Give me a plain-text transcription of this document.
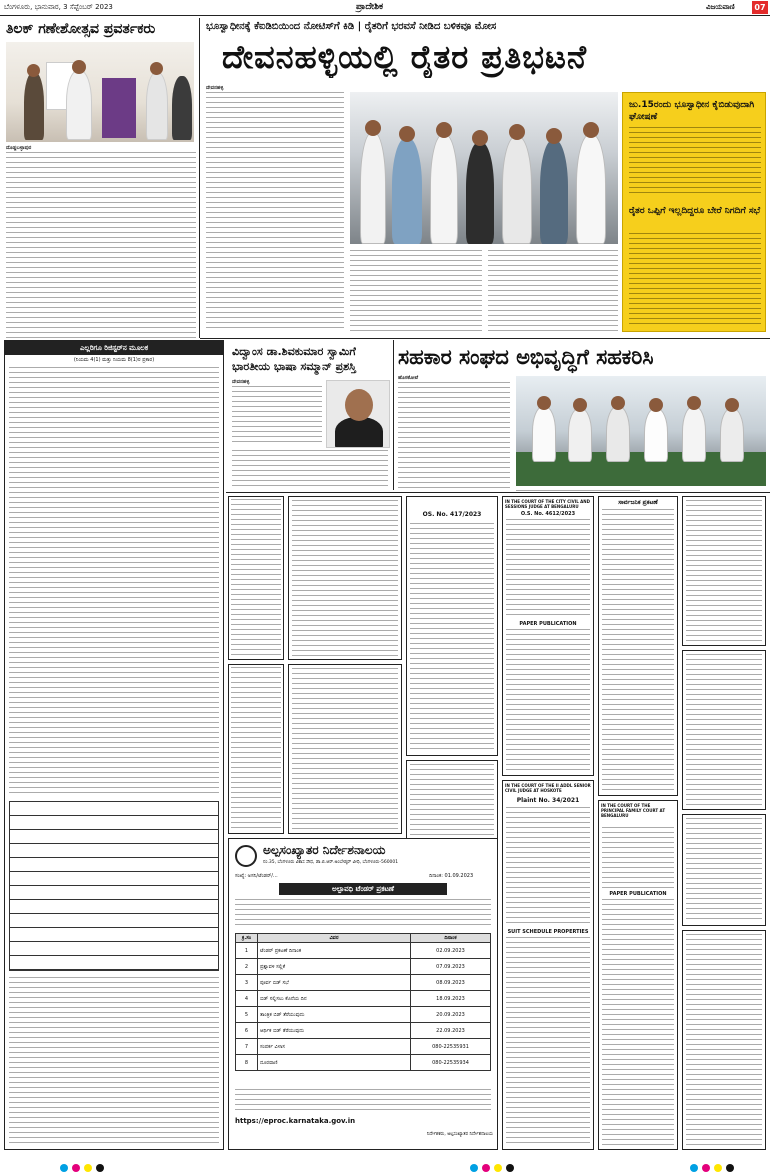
ಬೆಂಗಳೂರು, ಭಾನುವಾರ, 3 ಸೆಪ್ಟೆಂಬರ್ 2023	ಪ್ರಾದೇಶಿಕ	ವಿಜಯವಾಣಿ	07
ತಿಲಕ್ ಗಣೇಶೋತ್ಸವ ಪ್ರವರ್ತಕರು
ದೊಡ್ಡಬಳ್ಳಾಪುರ
ಭೂಸ್ವಾಧೀನಕ್ಕೆ ಕೆಐಡಿಬಿಯಿಂದ ನೋಟಿಸ್‌ಗೆ ಕಿಡಿ | ರೈತರಿಗೆ ಭರವಸೆ ನೀಡಿದ ಬಳಿಕವೂ ಮೋಸ
ದೇವನಹಳ್ಳಿಯಲ್ಲಿ ರೈತರ ಪ್ರತಿಭಟನೆ
ದೇವನಹಳ್ಳಿ
ಜು.15ರಂದು ಭೂಸ್ವಾಧೀನ ಕೈಬಿಡುವುದಾಗಿ ಘೋಷಣೆ
ರೈತರ ಒಪ್ಪಿಗೆ ಇಲ್ಲದಿದ್ದರೂ ಬೇರೆ ನಿಗದಿಗೆ ಸಭೆ
ಎಲ್ಲರಿಗೂ ರಿಜಿಸ್ಟರ್‌ನ ಮೂಲಕ
(ನಿಯಮ 4(1) ಮತ್ತು ನಿಯಮ 8(1)ರ ಪ್ರಕಾರ)
ವಿದ್ವಾಂಸ ಡಾ.ಶಿವಕುಮಾರ ಸ್ವಾಮಿಗೆ ಭಾರತೀಯ ಭಾಷಾ ಸಮ್ಮಾನ್ ಪ್ರಶಸ್ತಿ
ದೇವನಹಳ್ಳಿ
ಸಹಕಾರ ಸಂಘದ ಅಭಿವೃದ್ಧಿಗೆ ಸಹಕರಿಸಿ
ಹೊಸಕೋಟೆ
OS. No. 417/2023
IN THE COURT OF THE CITY CIVIL AND SESSIONS JUDGE AT BENGALURU
O.S. No. 4612/2023
PAPER PUBLICATION
ಸಾರ್ವಜನಿಕ ಪ್ರಕಟಣೆ
IN THE COURT OF THE II ADDL SENIOR CIVIL JUDGE AT HOSKOTE
Plaint No. 34/2021
SUIT SCHEDULE PROPERTIES
IN THE COURT OF THE PRINCIPAL FAMILY COURT AT BENGALURU
PAPER PUBLICATION
ಅಲ್ಪಸಂಖ್ಯಾತರ ನಿರ್ದೇಶನಾಲಯ
ನಂ.35, ಬೆಂಗಳೂರು ವಿಕಾಸ ಸೌಧ, ಡಾ.ಬಿ.ಆರ್.ಅಂಬೇಡ್ಕರ್ ವೀಧಿ, ಬೆಂಗಳೂರು-560001
ಸಂಖ್ಯೆ: ಅಸನಿ/ಟೆಂಡರ್/...	ದಿನಾಂಕ: 01.09.2023
ಅಲ್ಪಾವಧಿ ಟೆಂಡರ್ ಪ್ರಕಟಣೆ
ಕ್ರ.ಸಂ	ವಿವರ	ದಿನಾಂಕ
1	ಟೆಂಡರ್ ಪ್ರಕಟಣೆ ದಿನಾಂಕ	02.09.2023
2	ಪ್ರಶ್ನಾವಳಿ ಸಲ್ಲಿಕೆ	07.09.2023
3	ಪೂರ್ವ ಬಿಡ್ ಸಭೆ	08.09.2023
4	ಬಿಡ್ ಸಲ್ಲಿಸಲು ಕೊನೆಯ ದಿನ	18.09.2023
5	ತಾಂತ್ರಿಕ ಬಿಡ್ ತೆರೆಯುವುದು	20.09.2023
6	ಆರ್ಥಿಕ ಬಿಡ್ ತೆರೆಯುವುದು	22.09.2023
7	ಸಂಪರ್ಕ ವಿಳಾಸ	080-22535931
8	ದೂರವಾಣಿ	080-22535934
https://eproc.karnataka.gov.in
ನಿರ್ದೇಶಕರು, ಅಲ್ಪಸಂಖ್ಯಾತರ ನಿರ್ದೇಶನಾಲಯ
